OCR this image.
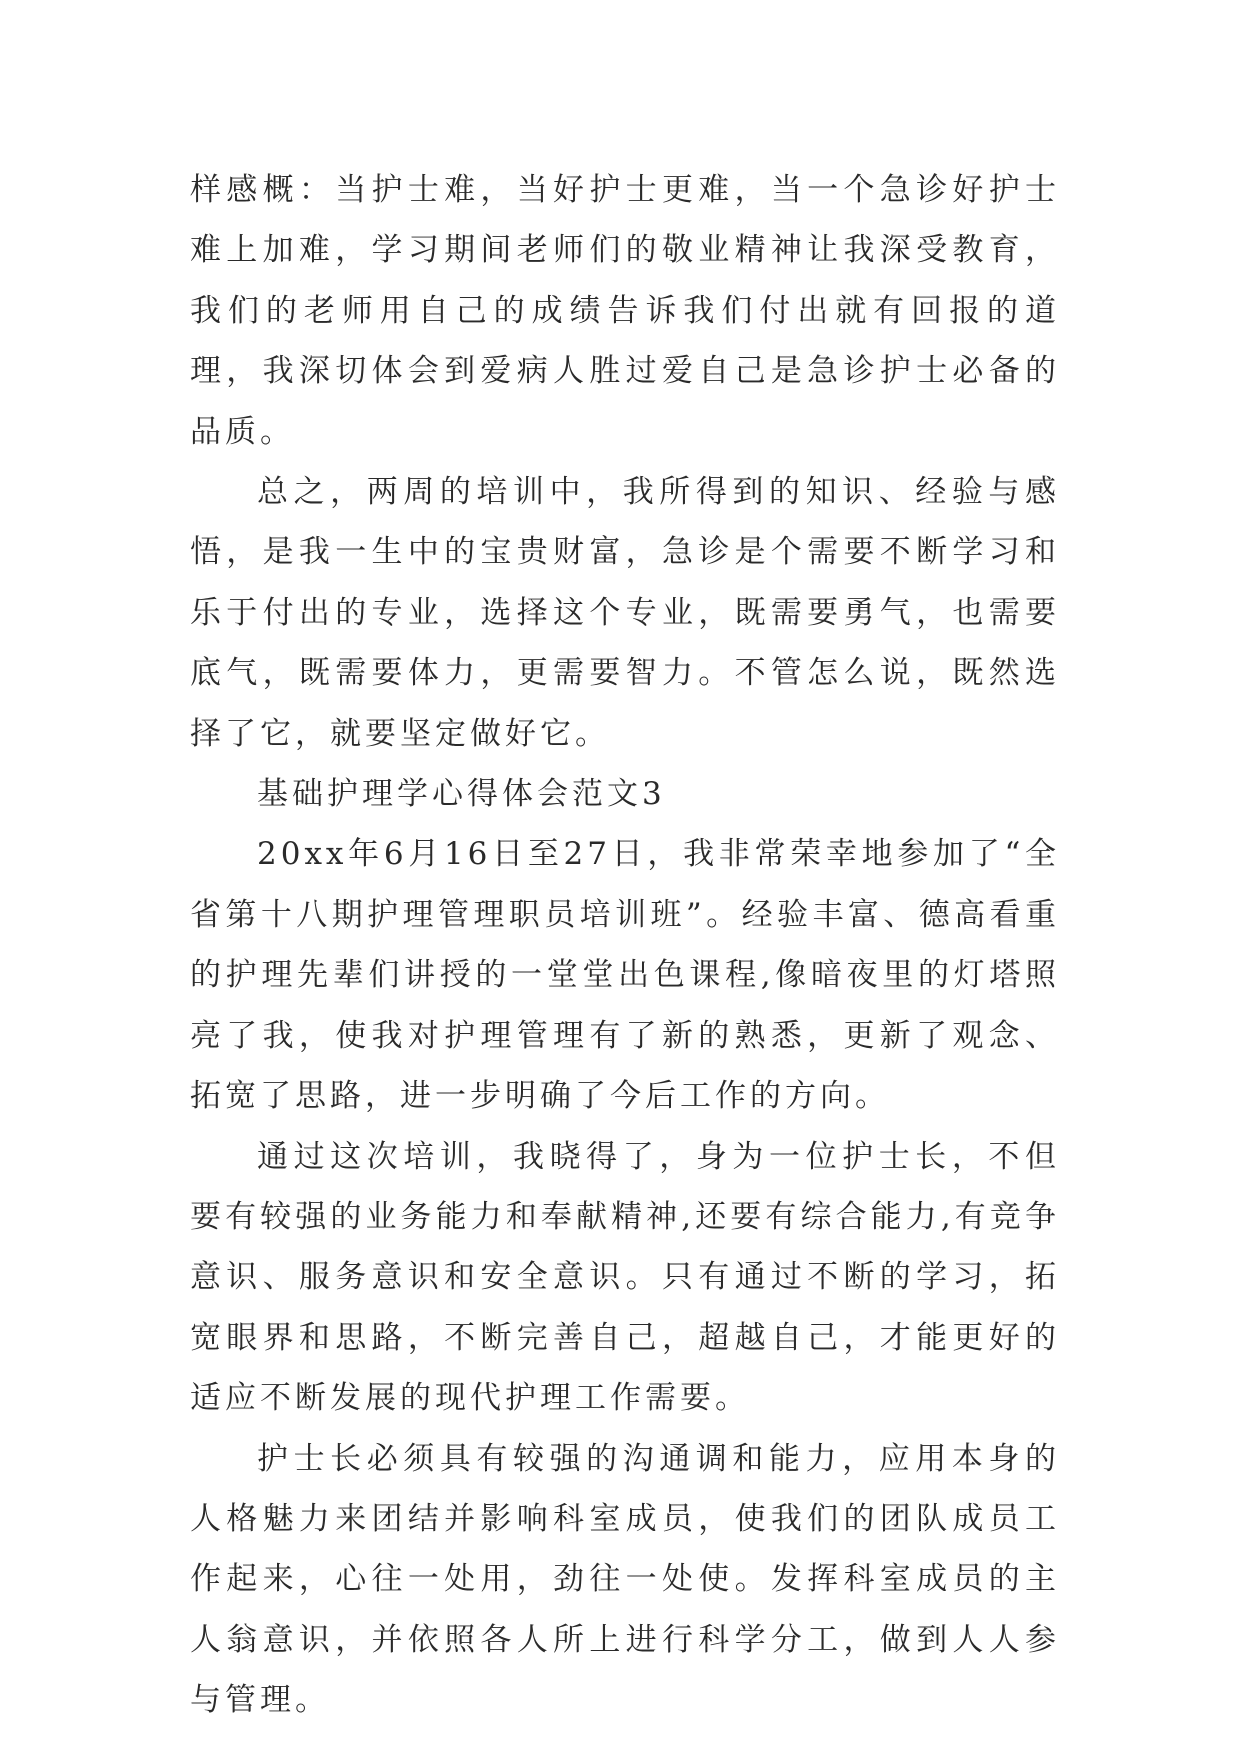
样感概：当护士难，当好护士更难，当一个急诊好护士难上加难，学习期间老师们的敬业精神让我深受教育，我们的老师用自己的成绩告诉我们付出就有回报的道理，我深切体会到爱病人胜过爱自己是急诊护士必备的品质。

总之，两周的培训中，我所得到的知识、经验与感悟，是我一生中的宝贵财富，急诊是个需要不断学习和乐于付出的专业，选择这个专业，既需要勇气，也需要底气，既需要体力，更需要智力。不管怎么说，既然选择了它，就要坚定做好它。

基础护理学心得体会范文3

20xx年6月16日至27日，我非常荣幸地参加了“全省第十八期护理管理职员培训班”。经验丰富、德高看重的护理先辈们讲授的一堂堂出色课程,像暗夜里的灯塔照亮了我，使我对护理管理有了新的熟悉，更新了观念、拓宽了思路，进一步明确了今后工作的方向。

通过这次培训，我晓得了，身为一位护士长，不但要有较强的业务能力和奉献精神,还要有综合能力,有竞争意识、服务意识和安全意识。只有通过不断的学习，拓宽眼界和思路，不断完善自己，超越自己，才能更好的适应不断发展的现代护理工作需要。

护士长必须具有较强的沟通调和能力，应用本身的人格魅力来团结并影响科室成员，使我们的团队成员工作起来，心往一处用，劲往一处使。发挥科室成员的主人翁意识，并依照各人所上进行科学分工，做到人人参与管理。
